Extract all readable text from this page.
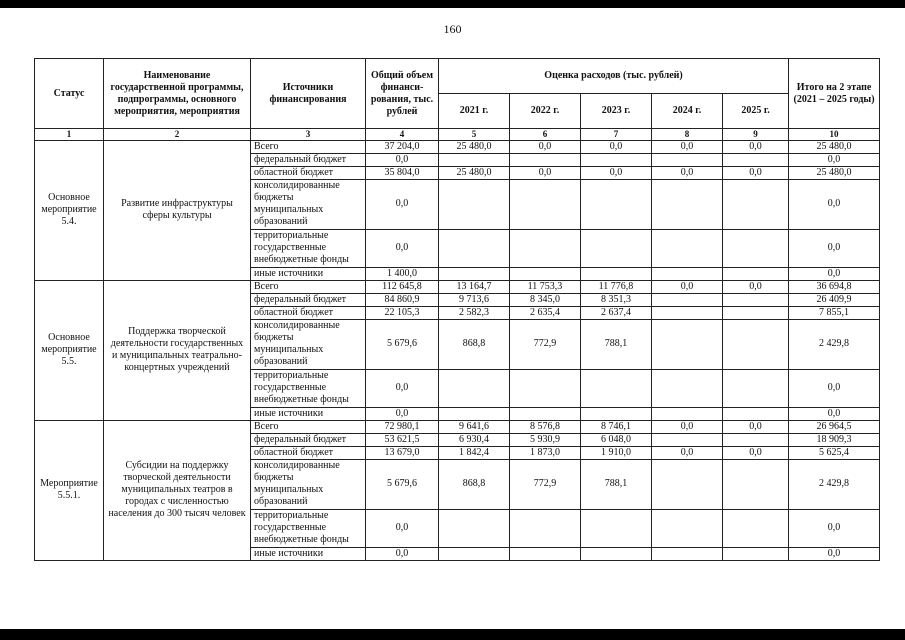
160
Статус	Наименование государственной программы, подпрограммы, основного мероприятия, мероприятия	Источники финансирования	Общий объем финанси-рования, тыс. рублей	Оценка расходов (тыс. рублей)					Итого на 2 этапе (2021 – 2025 годы)
				2021 г.	2022 г.	2023 г.	2024 г.	2025 г.	
1	2	3	4	5	6	7	8	9	10
Основное мероприятие 5.4.	Развитие инфраструктуры сферы культуры	Всего	37 204,0	25 480,0	0,0	0,0	0,0	0,0	25 480,0
		федеральный бюджет	0,0						0,0
		областной бюджет	35 804,0	25 480,0	0,0	0,0	0,0	0,0	25 480,0
		консолидированные бюджеты муниципальных образований	0,0						0,0
		территориальные государственные внебюджетные фонды	0,0						0,0
		иные источники	1 400,0						0,0
Основное мероприятие 5.5.	Поддержка творческой деятельности государственных и муниципальных театрально-концертных учреждений	Всего	112 645,8	13 164,7	11 753,3	11 776,8	0,0	0,0	36 694,8
		федеральный бюджет	84 860,9	9 713,6	8 345,0	8 351,3			26 409,9
		областной бюджет	22 105,3	2 582,3	2 635,4	2 637,4			7 855,1
		консолидированные бюджеты муниципальных образований	5 679,6	868,8	772,9	788,1			2 429,8
		территориальные государственные внебюджетные фонды	0,0						0,0
		иные источники	0,0						0,0
Мероприятие 5.5.1.	Субсидии на поддержку творческой деятельности муниципальных театров в городах с численностью населения до 300 тысяч человек	Всего	72 980,1	9 641,6	8 576,8	8 746,1	0,0	0,0	26 964,5
		федеральный бюджет	53 621,5	6 930,4	5 930,9	6 048,0			18 909,3
		областной бюджет	13 679,0	1 842,4	1 873,0	1 910,0	0,0	0,0	5 625,4
		консолидированные бюджеты муниципальных образований	5 679,6	868,8	772,9	788,1			2 429,8
		территориальные государственные внебюджетные фонды	0,0						0,0
		иные источники	0,0						0,0
